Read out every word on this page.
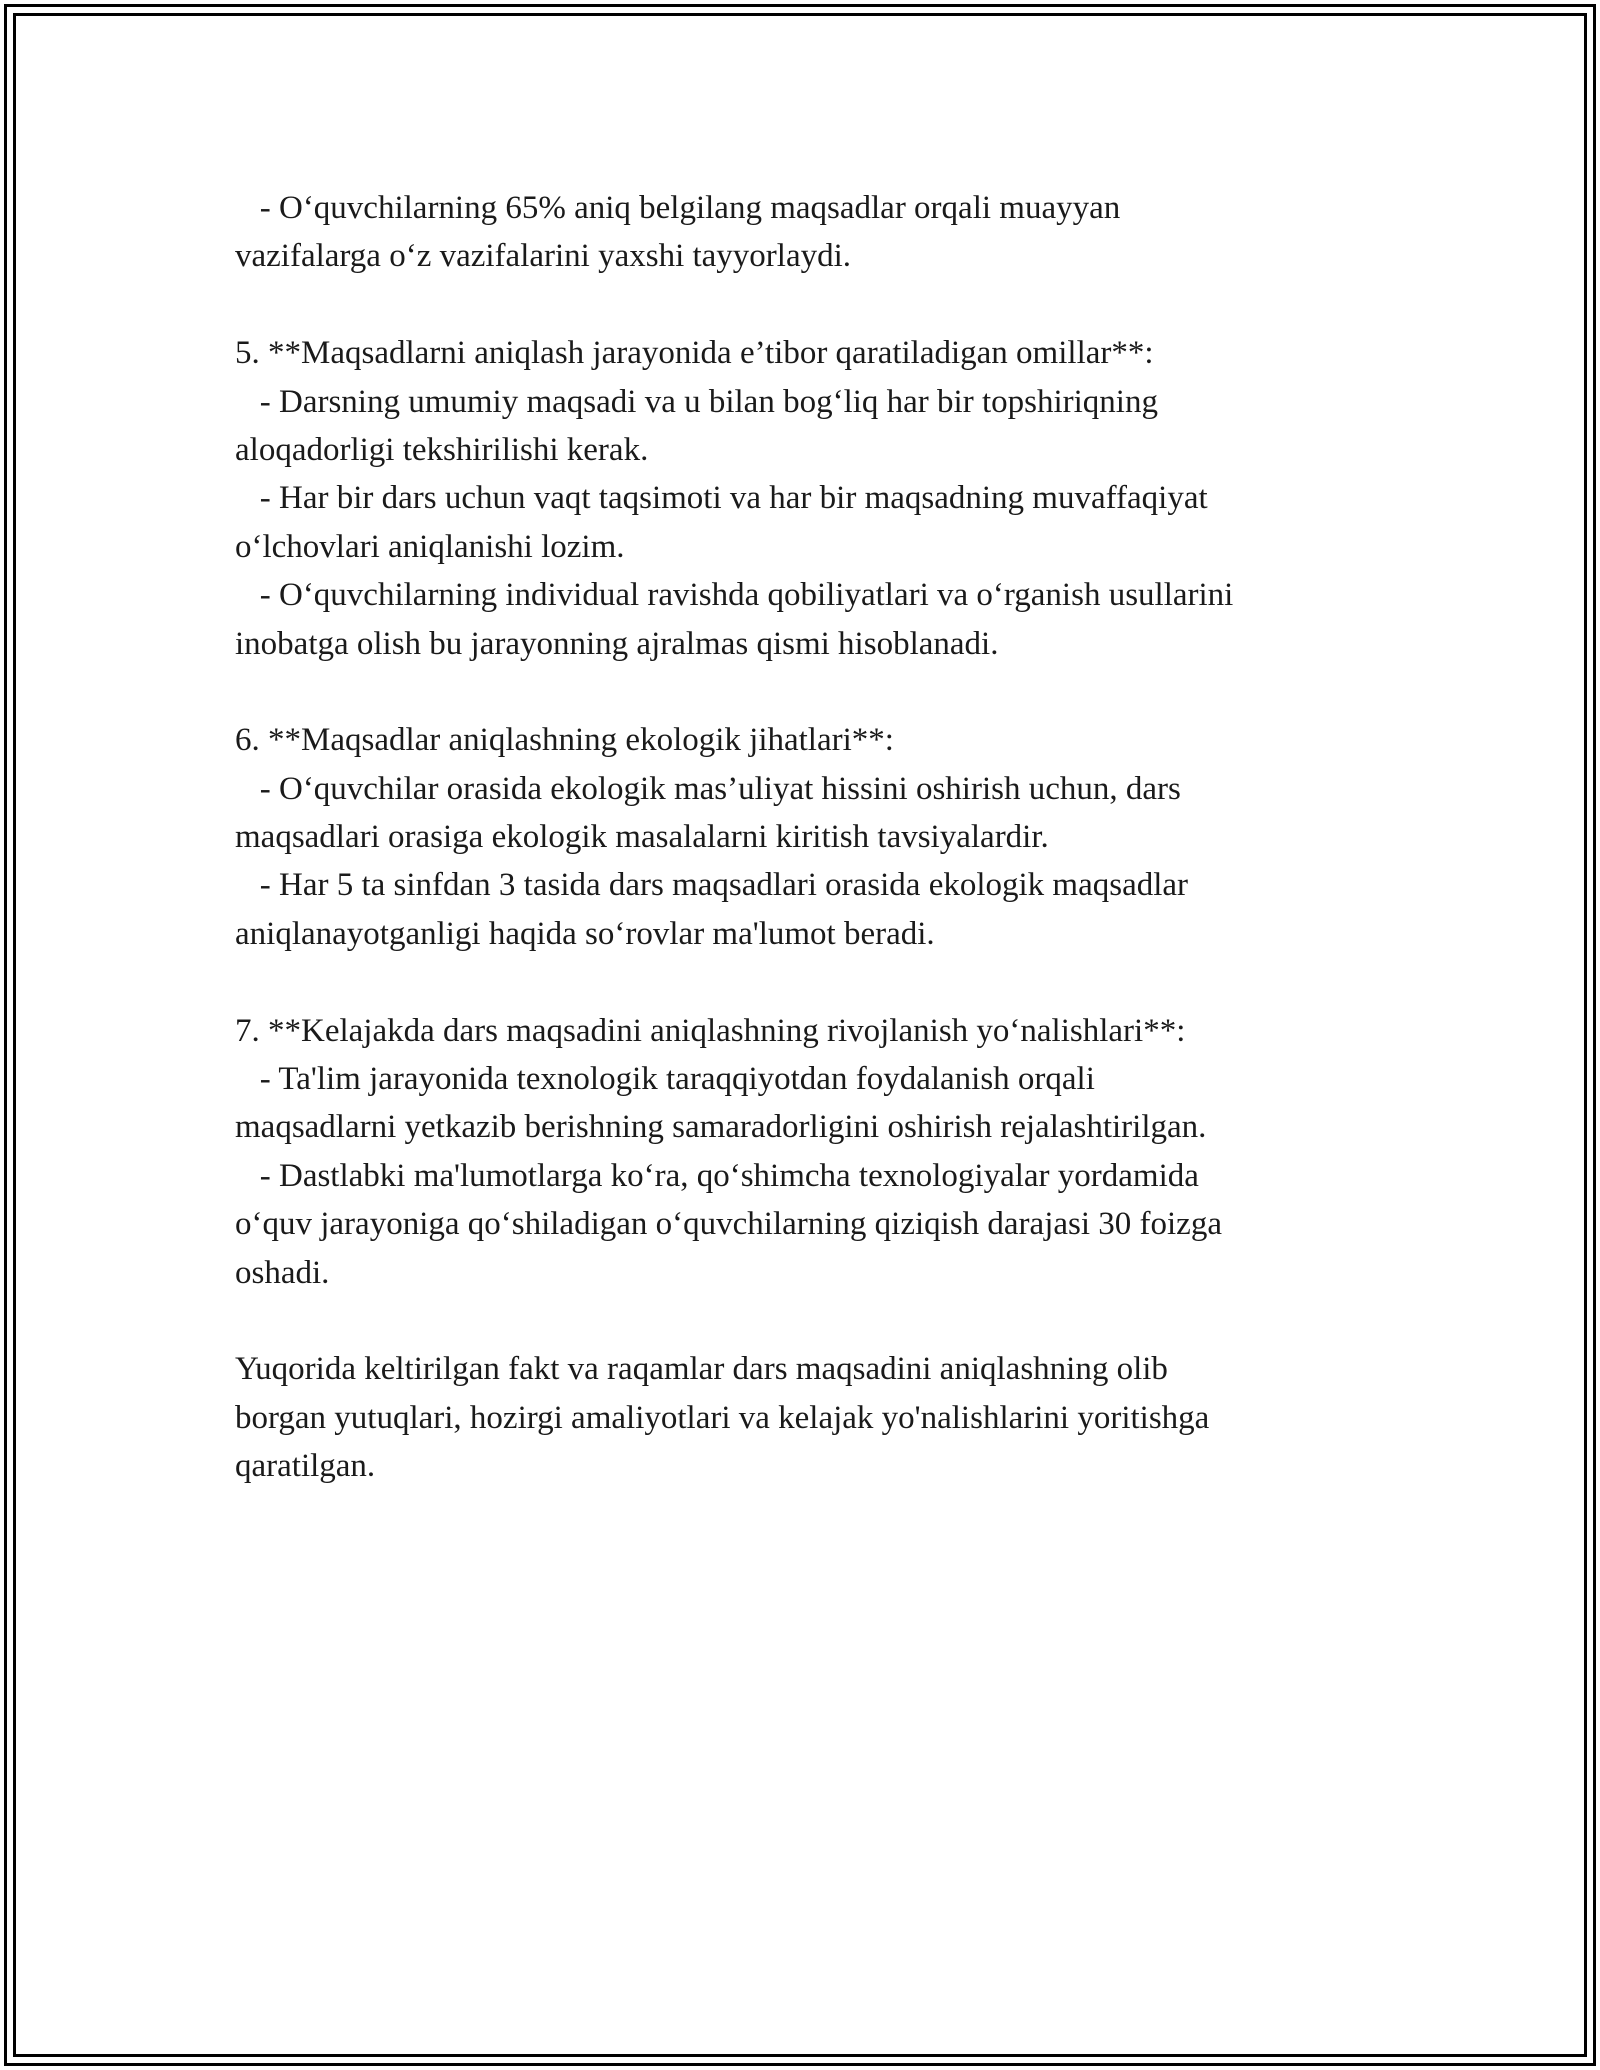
- O‘quvchilarning 65% aniq belgilang maqsadlar orqali muayyan
vazifalarga o‘z vazifalarini yaxshi tayyorlaydi.
5. **Maqsadlarni aniqlash jarayonida e’tibor qaratiladigan omillar**:
- Darsning umumiy maqsadi va u bilan bog‘liq har bir topshiriqning
aloqadorligi tekshirilishi kerak.
- Har bir dars uchun vaqt taqsimoti va har bir maqsadning muvaffaqiyat
o‘lchovlari aniqlanishi lozim.
- O‘quvchilarning individual ravishda qobiliyatlari va o‘rganish usullarini
inobatga olish bu jarayonning ajralmas qismi hisoblanadi.
6. **Maqsadlar aniqlashning ekologik jihatlari**:
- O‘quvchilar orasida ekologik mas’uliyat hissini oshirish uchun, dars
maqsadlari orasiga ekologik masalalarni kiritish tavsiyalardir.
- Har 5 ta sinfdan 3 tasida dars maqsadlari orasida ekologik maqsadlar
aniqlanayotganligi haqida so‘rovlar ma'lumot beradi.
7. **Kelajakda dars maqsadini aniqlashning rivojlanish yo‘nalishlari**:
- Ta'lim jarayonida texnologik taraqqiyotdan foydalanish orqali
maqsadlarni yetkazib berishning samaradorligini oshirish rejalashtirilgan.
- Dastlabki ma'lumotlarga ko‘ra, qo‘shimcha texnologiyalar yordamida
o‘quv jarayoniga qo‘shiladigan o‘quvchilarning qiziqish darajasi 30 foizga
oshadi.
Yuqorida keltirilgan fakt va raqamlar dars maqsadini aniqlashning olib
borgan yutuqlari, hozirgi amaliyotlari va kelajak yo'nalishlarini yoritishga
qaratilgan.
